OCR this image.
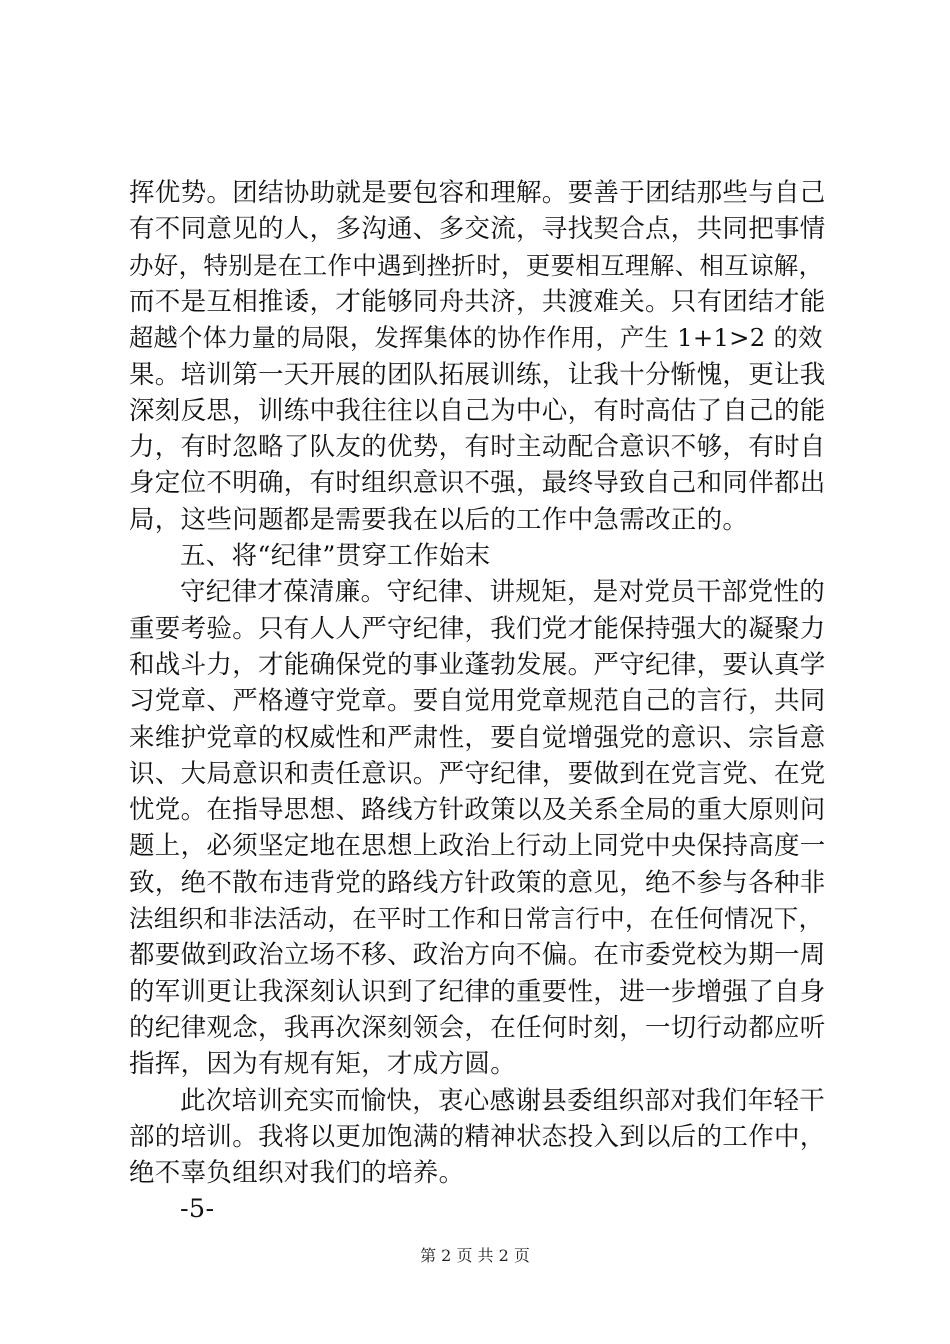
挥优势。团结协助就是要包容和理解。要善于团结那些与自己
有不同意见的人，多沟通、多交流，寻找契合点，共同把事情
办好，特别是在工作中遇到挫折时，更要相互理解、相互谅解，
而不是互相推诿，才能够同舟共济，共渡难关。只有团结才能
超越个体力量的局限，发挥集体的协作作用，产生 1+1>2 的效
果。培训第一天开展的团队拓展训练，让我十分惭愧，更让我
深刻反思，训练中我往往以自己为中心，有时高估了自己的能
力，有时忽略了队友的优势，有时主动配合意识不够，有时自
身定位不明确，有时组织意识不强，最终导致自己和同伴都出
局，这些问题都是需要我在以后的工作中急需改正的。
五、将“纪律”贯穿工作始末
守纪律才葆清廉。守纪律、讲规矩，是对党员干部党性的
重要考验。只有人人严守纪律，我们党才能保持强大的凝聚力
和战斗力，才能确保党的事业蓬勃发展。严守纪律，要认真学
习党章、严格遵守党章。要自觉用党章规范自己的言行，共同
来维护党章的权威性和严肃性，要自觉增强党的意识、宗旨意
识、大局意识和责任意识。严守纪律，要做到在党言党、在党
忧党。在指导思想、路线方针政策以及关系全局的重大原则问
题上，必须坚定地在思想上政治上行动上同党中央保持高度一
致，绝不散布违背党的路线方针政策的意见，绝不参与各种非
法组织和非法活动，在平时工作和日常言行中，在任何情况下，
都要做到政治立场不移、政治方向不偏。在市委党校为期一周
的军训更让我深刻认识到了纪律的重要性，进一步增强了自身
的纪律观念，我再次深刻领会，在任何时刻，一切行动都应听
指挥，因为有规有矩，才成方圆。
此次培训充实而愉快，衷心感谢县委组织部对我们年轻干
部的培训。我将以更加饱满的精神状态投入到以后的工作中，
绝不辜负组织对我们的培养。
-5-
第 2 页 共 2 页
